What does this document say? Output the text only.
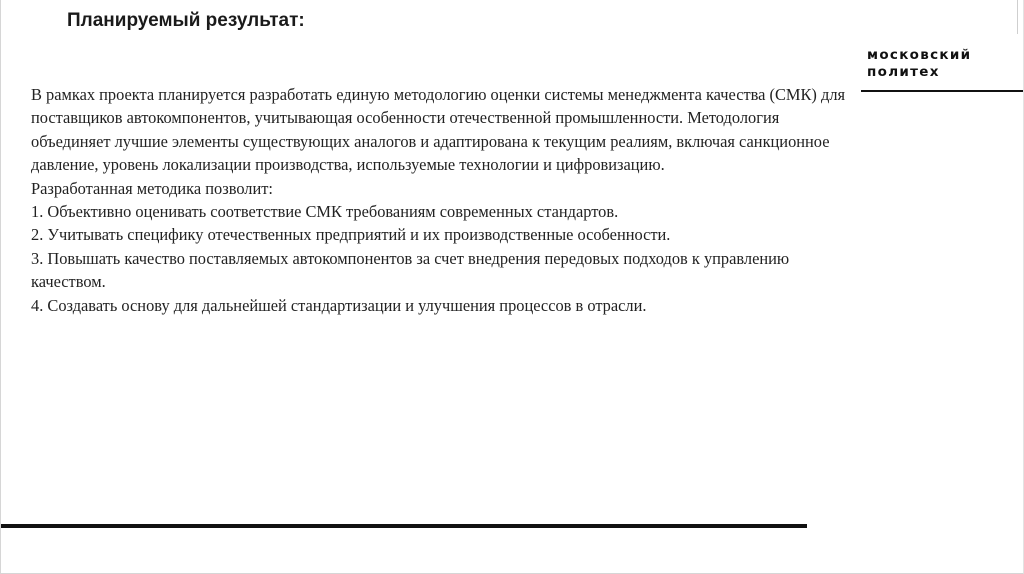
Планируемый результат:
московский
политех

В рамках проекта планируется разработать единую методологию оценки системы менеджмента качества (СМК) для поставщиков автокомпонентов, учитывающая особенности отечественной промышленности. Методология объединяет лучшие элементы существующих аналогов и адаптирована к текущим реалиям, включая санкционное давление, уровень локализации производства, используемые технологии и цифровизацию.

Разработанная методика позволит:

1. Объективно оценивать соответствие СМК требованиям современных стандартов.

2. Учитывать специфику отечественных предприятий и их производственные особенности.

3. Повышать качество поставляемых автокомпонентов за счет внедрения передовых подходов к управлению качеством.

4. Создавать основу для дальнейшей стандартизации и улучшения процессов в отрасли.
